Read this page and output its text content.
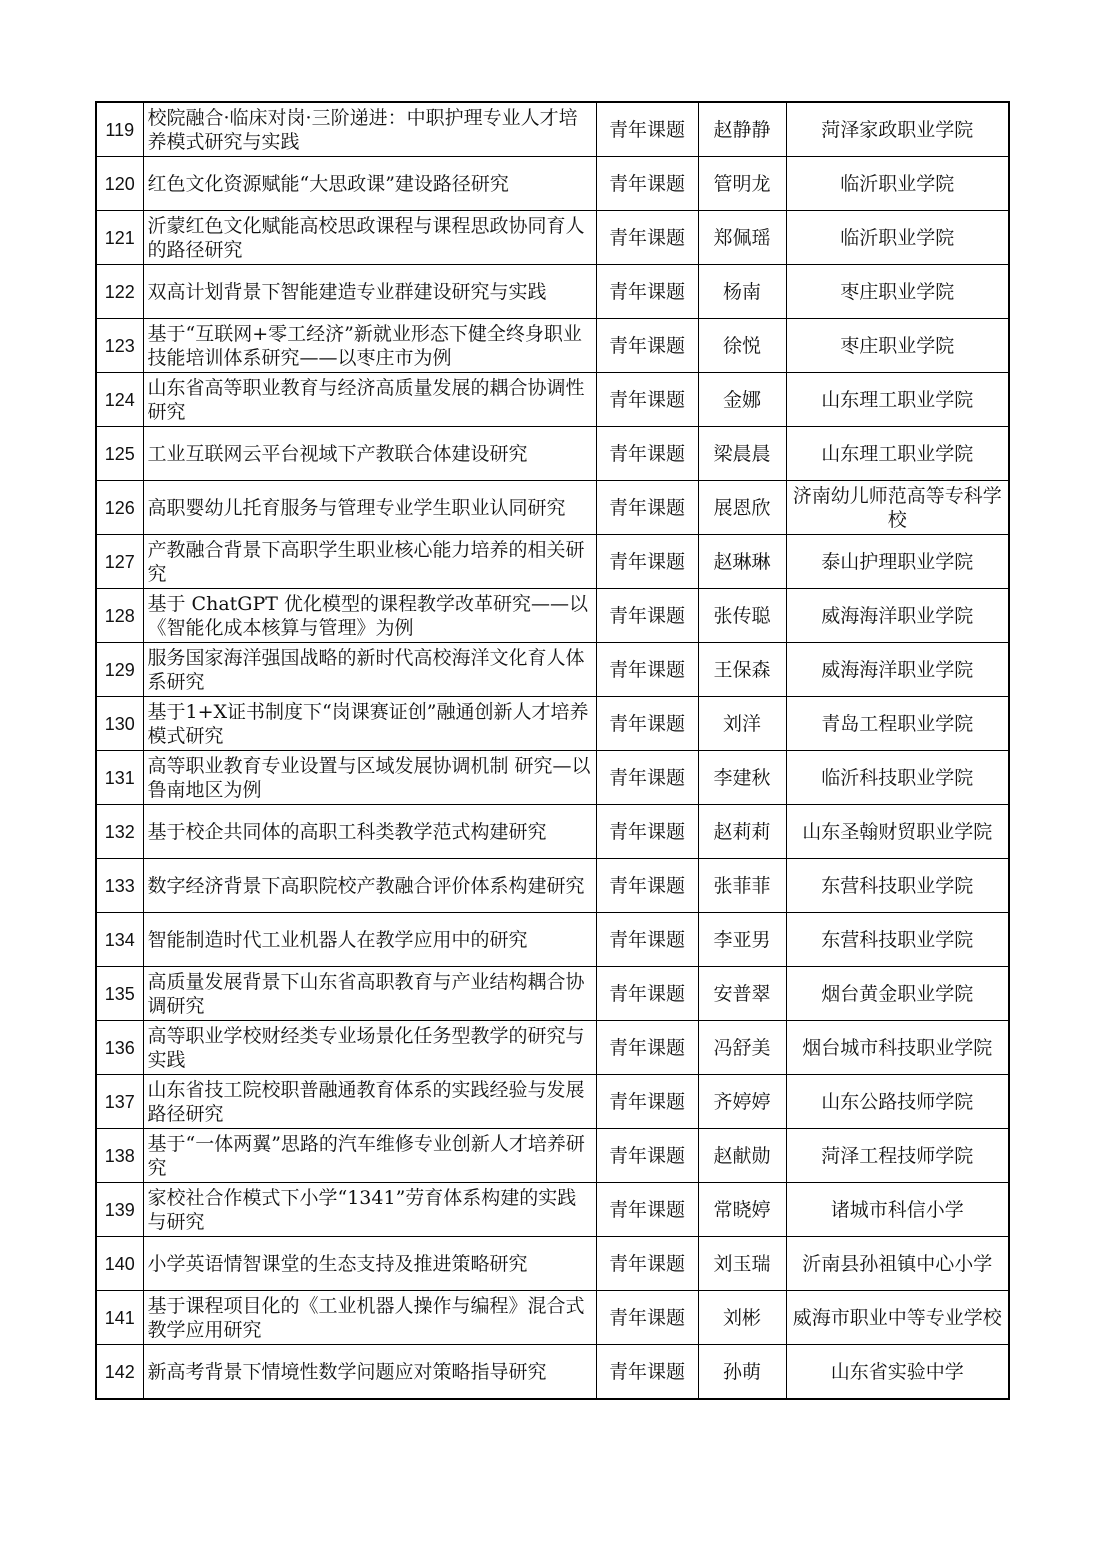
119	校院融合·临床对岗·三阶递进：中职护理专业人才培养模式研究与实践	青年课题	赵静静	菏泽家政职业学院
120	红色文化资源赋能“大思政课”建设路径研究	青年课题	管明龙	临沂职业学院
121	沂蒙红色文化赋能高校思政课程与课程思政协同育人的路径研究	青年课题	郑佩瑶	临沂职业学院
122	双高计划背景下智能建造专业群建设研究与实践	青年课题	杨南	枣庄职业学院
123	基于“互联网+零工经济”新就业形态下健全终身职业技能培训体系研究——以枣庄市为例	青年课题	徐悦	枣庄职业学院
124	山东省高等职业教育与经济高质量发展的耦合协调性研究	青年课题	金娜	山东理工职业学院
125	工业互联网云平台视域下产教联合体建设研究	青年课题	梁晨晨	山东理工职业学院
126	高职婴幼儿托育服务与管理专业学生职业认同研究	青年课题	展恩欣	济南幼儿师范高等专科学校
127	产教融合背景下高职学生职业核心能力培养的相关研究	青年课题	赵琳琳	泰山护理职业学院
128	基于 ChatGPT 优化模型的课程教学改革研究——以《智能化成本核算与管理》为例	青年课题	张传聪	威海海洋职业学院
129	服务国家海洋强国战略的新时代高校海洋文化育人体系研究	青年课题	王保森	威海海洋职业学院
130	基于1+X证书制度下“岗课赛证创”融通创新人才培养模式研究	青年课题	刘洋	青岛工程职业学院
131	高等职业教育专业设置与区域发展协调机制 研究—以鲁南地区为例	青年课题	李建秋	临沂科技职业学院
132	基于校企共同体的高职工科类教学范式构建研究	青年课题	赵莉莉	山东圣翰财贸职业学院
133	数字经济背景下高职院校产教融合评价体系构建研究	青年课题	张菲菲	东营科技职业学院
134	智能制造时代工业机器人在教学应用中的研究	青年课题	李亚男	东营科技职业学院
135	高质量发展背景下山东省高职教育与产业结构耦合协调研究	青年课题	安普翠	烟台黄金职业学院
136	高等职业学校财经类专业场景化任务型教学的研究与实践	青年课题	冯舒美	烟台城市科技职业学院
137	山东省技工院校职普融通教育体系的实践经验与发展路径研究	青年课题	齐婷婷	山东公路技师学院
138	基于“一体两翼”思路的汽车维修专业创新人才培养研究	青年课题	赵献勋	菏泽工程技师学院
139	家校社合作模式下小学“1341”劳育体系构建的实践与研究	青年课题	常晓婷	诸城市科信小学
140	小学英语情智课堂的生态支持及推进策略研究	青年课题	刘玉瑞	沂南县孙祖镇中心小学
141	基于课程项目化的《工业机器人操作与编程》混合式教学应用研究	青年课题	刘彬	威海市职业中等专业学校
142	新高考背景下情境性数学问题应对策略指导研究	青年课题	孙萌	山东省实验中学
